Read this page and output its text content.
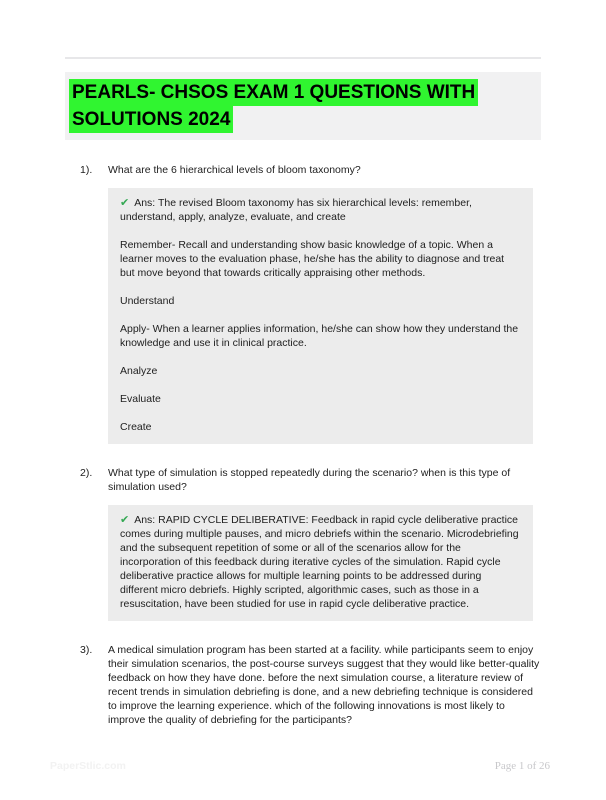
PEARLS- CHSOS EXAM 1 QUESTIONS WITH
SOLUTIONS 2024
1).	What are the 6 hierarchical levels of bloom taxonomy?

✔ Ans: The revised Bloom taxonomy has six hierarchical levels: remember, understand, apply, analyze, evaluate, and create

Remember- Recall and understanding show basic knowledge of a topic. When a learner moves to the evaluation phase, he/she has the ability to diagnose and treat but move beyond that towards critically appraising other methods.

Understand

Apply- When a learner applies information, he/she can show how they understand the knowledge and use it in clinical practice.

Analyze

Evaluate

Create

2).	What type of simulation is stopped repeatedly during the scenario? when is this type of simulation used?

✔ Ans: RAPID CYCLE DELIBERATIVE: Feedback in rapid cycle deliberative practice comes during multiple pauses, and micro debriefs within the scenario. Microdebriefing and the subsequent repetition of some or all of the scenarios allow for the incorporation of this feedback during iterative cycles of the simulation. Rapid cycle deliberative practice allows for multiple learning points to be addressed during different micro debriefs. Highly scripted, algorithmic cases, such as those in a resuscitation, have been studied for use in rapid cycle deliberative practice.

3).	A medical simulation program has been started at a facility. while participants seem to enjoy their simulation scenarios, the post-course surveys suggest that they would like better-quality feedback on how they have done. before the next simulation course, a literature review of recent trends in simulation debriefing is done, and a new debriefing technique is considered to improve the learning experience. which of the following innovations is most likely to improve the quality of debriefing for the participants?

PaperStlic.com	Page 1 of 26
